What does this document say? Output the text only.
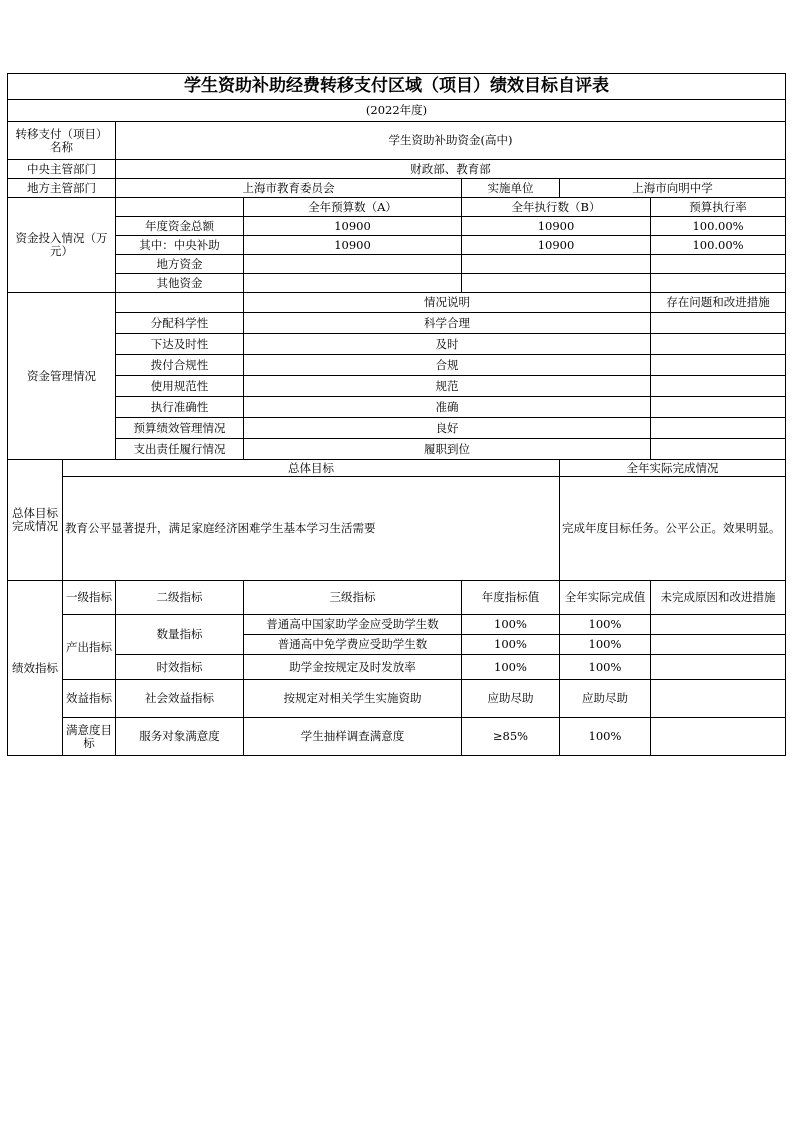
学生资助补助经费转移支付区域（项目）绩效目标自评表						
(2022年度)						
转移支付（项目）名称		学生资助补助资金(高中)				
中央主管部门		财政部、教育部				
地方主管部门		上海市教育委员会		实施单位	上海市向明中学	
资金投入情况（万元）			全年预算数（A）	全年执行数（B）		预算执行率
		年度资金总额	10900	10900		100.00%
		其中：中央补助	10900	10900		100.00%
		地方资金				
		其他资金				
资金管理情况			情况说明			存在问题和改进措施
		分配科学性	科学合理			
		下达及时性	及时			
		拨付合规性	合规			
		使用规范性	规范			
		执行准确性	准确			
		预算绩效管理情况	良好			
		支出责任履行情况	履职到位			
总体目标完成情况	总体目标				全年实际完成情况	
	教育公平显著提升，满足家庭经济困难学生基本学习生活需要				完成年度目标任务。公平公正。效果明显。	
绩效指标	一级指标	二级指标	三级指标	年度指标值	全年实际完成值	未完成原因和改进措施
	产出指标	数量指标	普通高中国家助学金应受助学生数	100%	100%	
			普通高中免学费应受助学生数	100%	100%	
		时效指标	助学金按规定及时发放率	100%	100%	
	效益指标	社会效益指标	按规定对相关学生实施资助	应助尽助	应助尽助	
	满意度目标	服务对象满意度	学生抽样调查满意度	≥85%	100%	
